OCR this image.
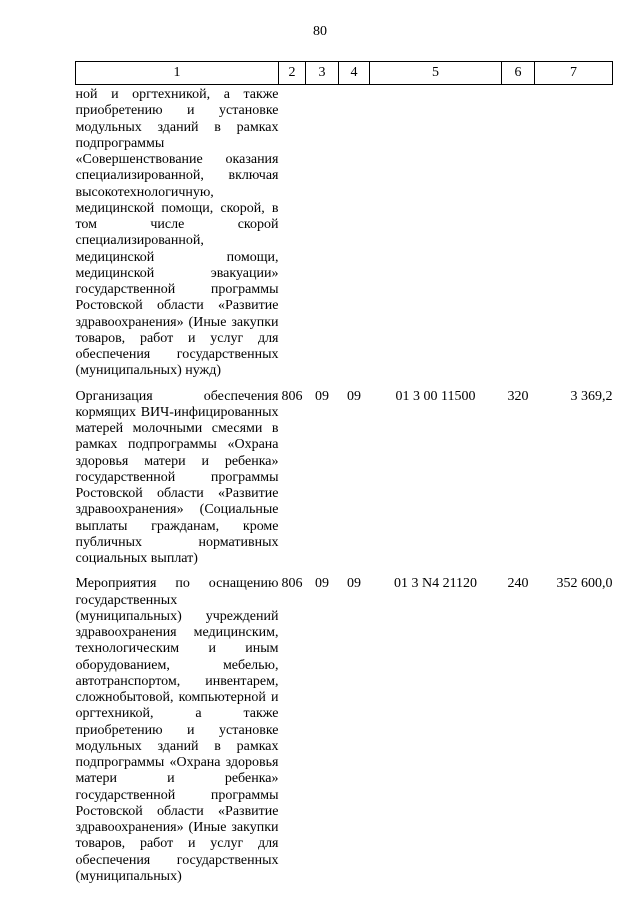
80
1	2	3	4	5	6	7
ной и оргтехникой, а также приобретению и установке модульных зданий в рамках подпрограммы «Совершенствование оказания специализированной, включая высокотехнологичную, медицинской помощи, скорой, в том числе скорой специализированной, медицинской помощи, медицинской эвакуации» государственной программы Ростовской области «Развитие здравоохранения» (Иные закупки товаров, работ и услуг для обеспечения государственных (муниципальных) нужд)						
Организация обеспечения кормящих ВИЧ-инфицированных матерей молочными смесями в рамках подпрограммы «Охрана здоровья матери и ребенка» государственной программы Ростовской области «Развитие здравоохранения» (Социальные выплаты гражданам, кроме публичных нормативных социальных выплат)	806	09	09	01 3 00 11500	320	3 369,2
Мероприятия по оснащению государственных (муниципальных) учреждений здравоохранения медицинским, технологическим и иным оборудованием, мебелью, автотранспортом, инвентарем, сложнобытовой, компьютерной и оргтехникой, а также приобретению и установке модульных зданий в рамках подпрограммы «Охрана здоровья матери и ребенка» государственной программы Ростовской области «Развитие здравоохранения» (Иные закупки товаров, работ и услуг для обеспечения государственных (муниципальных)	806	09	09	01 3 N4 21120	240	352 600,0
